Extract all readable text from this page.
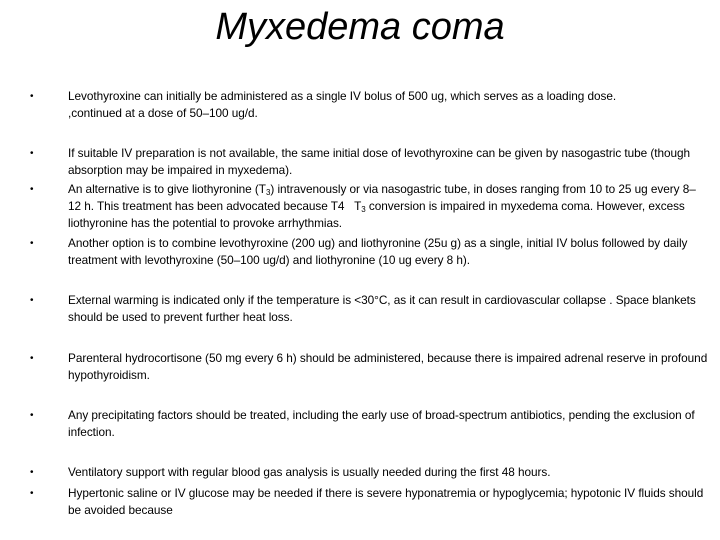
Myxedema coma
•	Levothyroxine can initially be administered as a single IV bolus of 500 ug, which serves as a loading dose.
,continued at a dose of 50–100 ug/d.
•	If suitable IV preparation is not available, the same initial dose of levothyroxine can be given by nasogastric tube (though absorption may be impaired in myxedema).
•	An alternative is to give liothyronine $(T_3)$ intravenously or via nasogastric tube, in doses ranging from 10 to 25 ug every 8–12 h. This treatment has been advocated because T4 $T_3$ conversion is impaired in myxedema coma. However, excess liothyronine has the potential to provoke arrhythmias.
•	Another option is to combine levothyroxine (200 ug) and liothyronine (25u g) as a single, initial IV bolus followed by daily treatment with levothyroxine (50–100 ug/d) and liothyronine (10 ug every 8 h).
•	External warming is indicated only if the temperature is <30°C, as it can result in cardiovascular collapse . Space blankets should be used to prevent further heat loss.
•	Parenteral hydrocortisone (50 mg every 6 h) should be administered, because there is impaired adrenal reserve in profound hypothyroidism.
•	Any precipitating factors should be treated, including the early use of broad-spectrum antibiotics, pending the exclusion of infection.
•	Ventilatory support with regular blood gas analysis is usually needed during the first 48 hours.
•	Hypertonic saline or IV glucose may be needed if there is severe hyponatremia or hypoglycemia; hypotonic IV fluids should be avoided because
